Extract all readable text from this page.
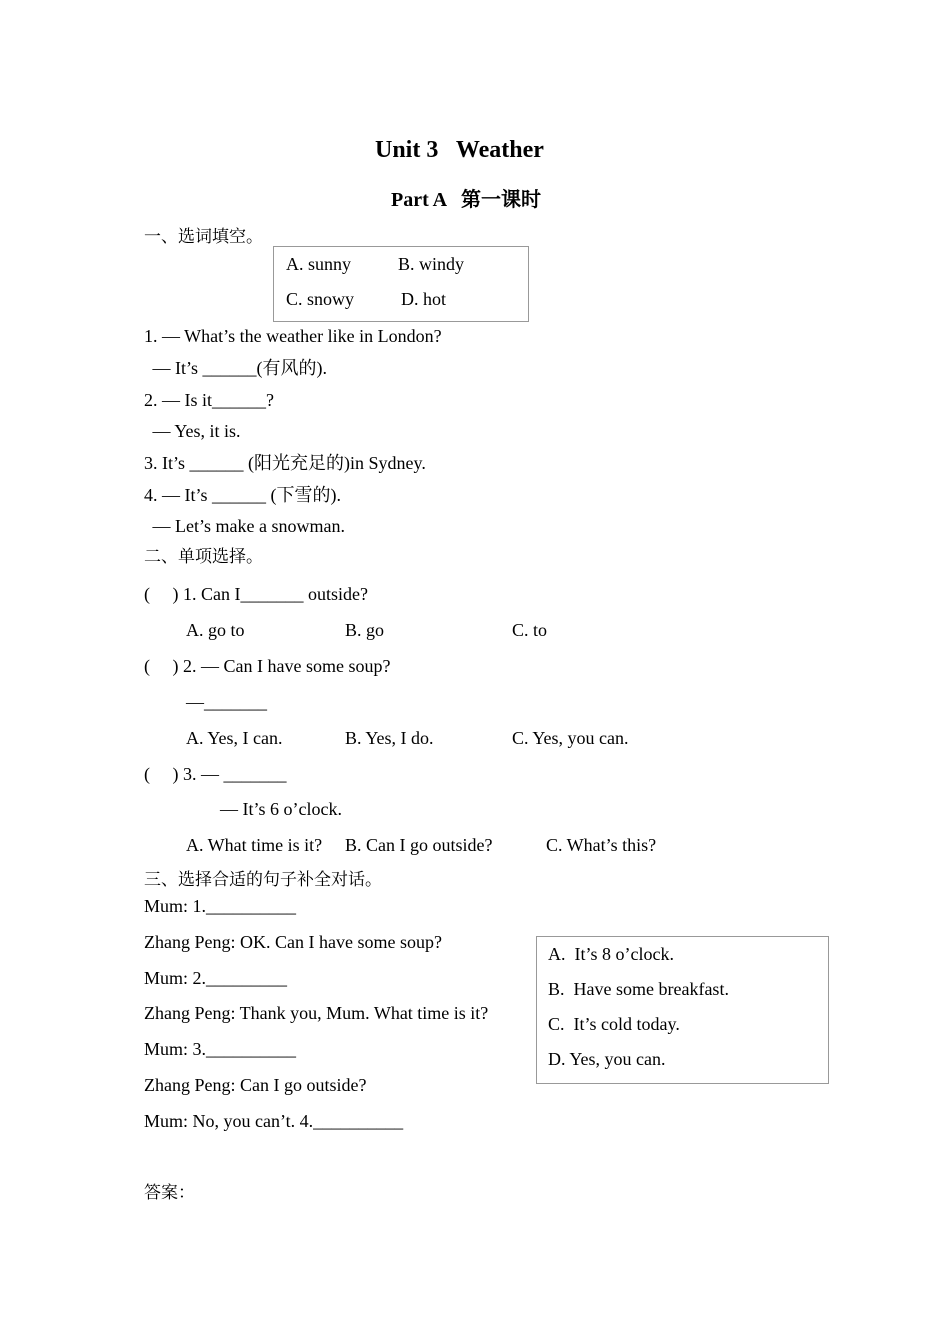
Unit 3   Weather
Part A   第一课时
一、选词填空。
A. sunny	B. windy
C. snowy	D. hot
1. — What’s the weather like in London?
— It’s ______(有风的).
2. — Is it______?
— Yes, it is.
3. It’s ______ (阳光充足的)in Sydney.
4. — It’s ______ (下雪的).
— Let’s make a snowman.
二、单项选择。
(     ) 1. Can I_______ outside?
A. go to	B. go	C. to
(     ) 2. — Can I have some soup?
—_______
A. Yes, I can.	B. Yes, I do.	C. Yes, you can.
(     ) 3. — _______
— It’s 6 o’clock.
A. What time is it? B. Can I go outside?	C. What’s this?
三、选择合适的句子补全对话。
Mum: 1.__________
Zhang Peng: OK. Can I have some soup?
Mum: 2._________
Zhang Peng: Thank you, Mum. What time is it?
Mum: 3.__________
Zhang Peng: Can I go outside?
Mum: No, you can’t. 4.__________
A.  It’s 8 o’clock.
B.  Have some breakfast.
C.  It’s cold today.
D. Yes, you can.
答案：
